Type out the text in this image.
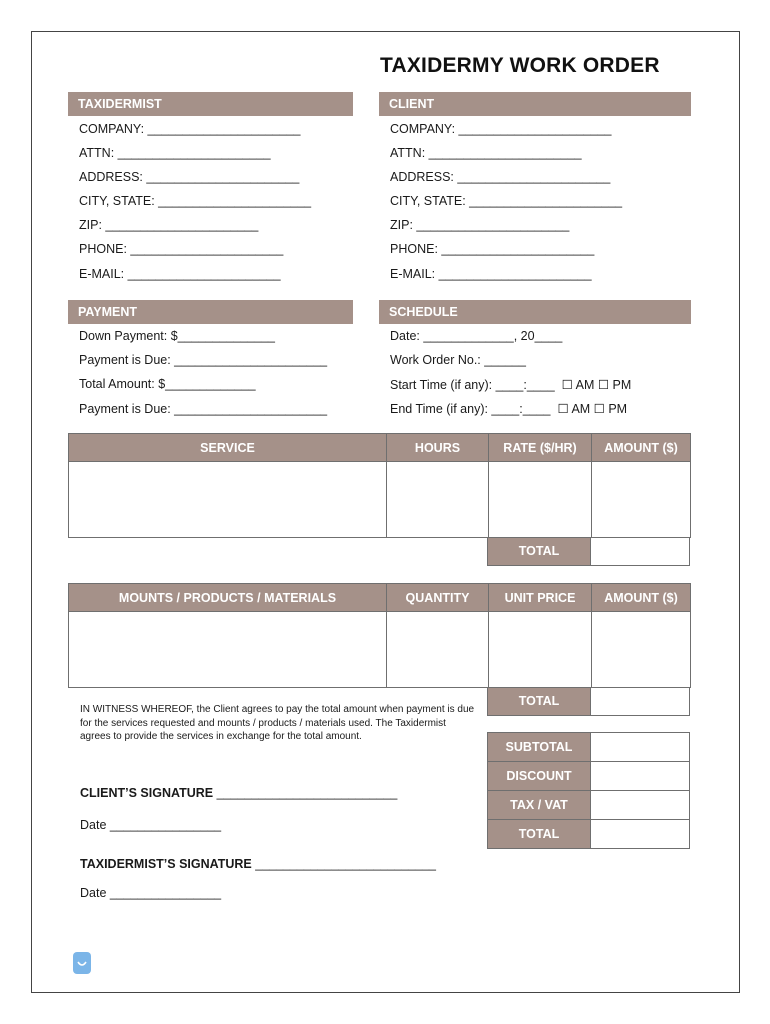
TAXIDERMY WORK ORDER
TAXIDERMIST
COMPANY: ______________________
ATTN: ______________________
ADDRESS: ______________________
CITY, STATE: ______________________
ZIP: ______________________
PHONE: ______________________
E-MAIL: ______________________
CLIENT
COMPANY: ______________________
ATTN: ______________________
ADDRESS: ______________________
CITY, STATE: ______________________
ZIP: ______________________
PHONE: ______________________
E-MAIL: ______________________
PAYMENT
Down Payment: $______________
Payment is Due: ______________________
Total Amount: $_____________
Payment is Due: ______________________
SCHEDULE
Date: _____________, 20____
Work Order No.: ______
Start Time (if any): ____:____  ☐ AM ☐ PM
End Time (if any): ____:____  ☐ AM ☐ PM
SERVICE	HOURS	RATE ($/HR)	AMOUNT ($)

TOTAL
MOUNTS / PRODUCTS / MATERIALS	QUANTITY	UNIT PRICE	AMOUNT ($)

TOTAL
IN WITNESS WHEREOF, the Client agrees to pay the total amount when payment is due for the services requested and mounts / products / materials used. The Taxidermist agrees to provide the services in exchange for the total amount.
CLIENT’S SIGNATURE __________________________
Date ________________
TAXIDERMIST’S SIGNATURE __________________________
Date ________________
SUBTOTAL	
DISCOUNT	
TAX / VAT	
TOTAL	
